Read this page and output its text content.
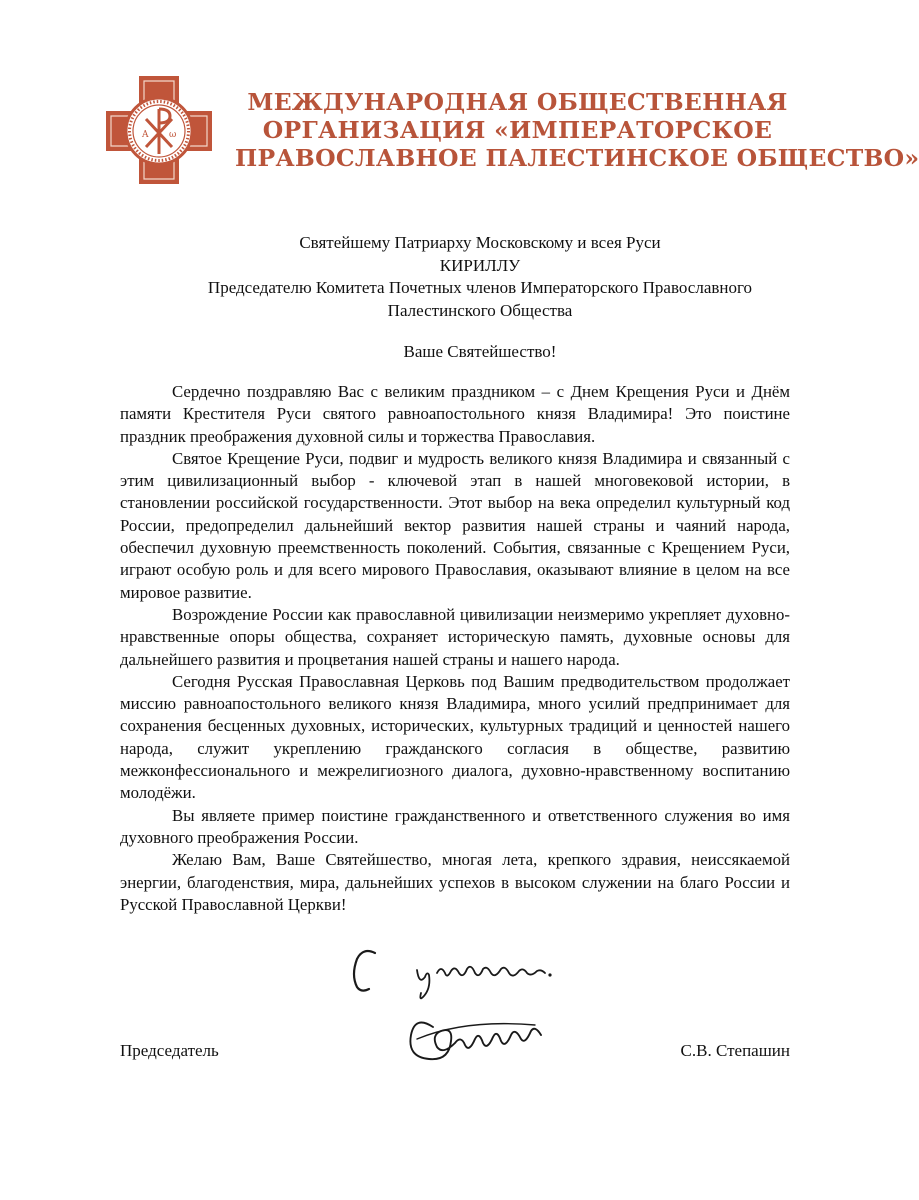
A ω
МЕЖДУНАРОДНАЯ ОБЩЕСТВЕННАЯ
ОРГАНИЗАЦИЯ «ИМПЕРАТОРСКОЕ
ПРАВОСЛАВНОЕ ПАЛЕСТИНСКОЕ ОБЩЕСТВО»
Святейшему Патриарху Московскому и всея Руси
КИРИЛЛУ
Председателю Комитета Почетных членов Императорского Православного
Палестинского Общества
Ваше Святейшество!

Сердечно поздравляю Вас с великим праздником – с Днем Крещения Руси и Днём памяти Крестителя Руси святого равноапостольного князя Владимира! Это поистине праздник преображения духовной силы и торжества Православия.

Святое Крещение Руси, подвиг и мудрость великого князя Владимира и связанный с этим цивилизационный выбор - ключевой этап в нашей многовековой истории, в становлении российской государственности. Этот выбор на века определил культурный код России, предопределил дальнейший вектор развития нашей страны и чаяний народа, обеспечил духовную преемственность поколений. События, связанные с Крещением Руси, играют особую роль и для всего мирового Православия, оказывают влияние в целом на все мировое развитие.

Возрождение России как православной цивилизации неизмеримо укрепляет духовно-нравственные опоры общества, сохраняет историческую память, духовные основы для дальнейшего развития и процветания нашей страны и нашего народа.

Сегодня Русская Православная Церковь под Вашим предводительством продолжает миссию равноапостольного великого князя Владимира, много усилий предпринимает для сохранения бесценных духовных, исторических, культурных традиций и ценностей нашего народа, служит укреплению гражданского согласия в обществе, развитию межконфессионального и межрелигиозного диалога, духовно-нравственному воспитанию молодёжи.

Вы являете пример поистине гражданственного и ответственного служения во имя духовного преображения России.

Желаю Вам, Ваше Святейшество, многая лета, крепкого здравия, неиссякаемой энергии, благоденствия, мира, дальнейших успехов в высоком служении на благо России и Русской Православной Церкви!

Председатель	С.В. Степашин
